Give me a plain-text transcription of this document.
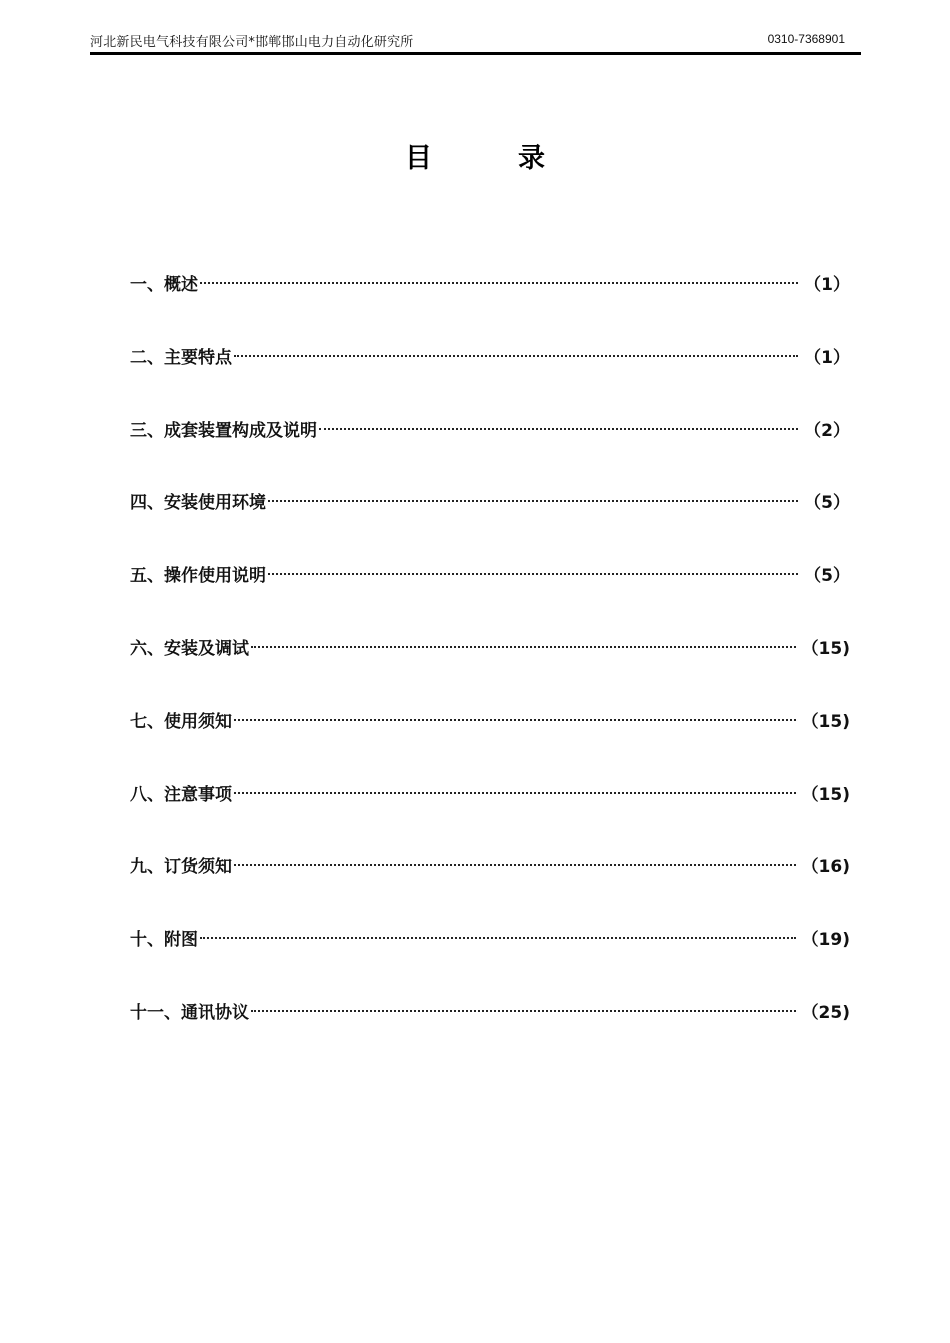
河北新民电气科技有限公司*邯郸邯山电力自动化研究所	0310-7368901
目录
一、概述	（1）
二、主要特点	（1）
三、成套装置构成及说明	（2）
四、安装使用环境	（5）
五、操作使用说明	（5）
六、安装及调试	（15)
七、使用须知	（15)
八、注意事项	（15)
九、订货须知	（16)
十、附图	（19)
十一、通讯协议	（25)
